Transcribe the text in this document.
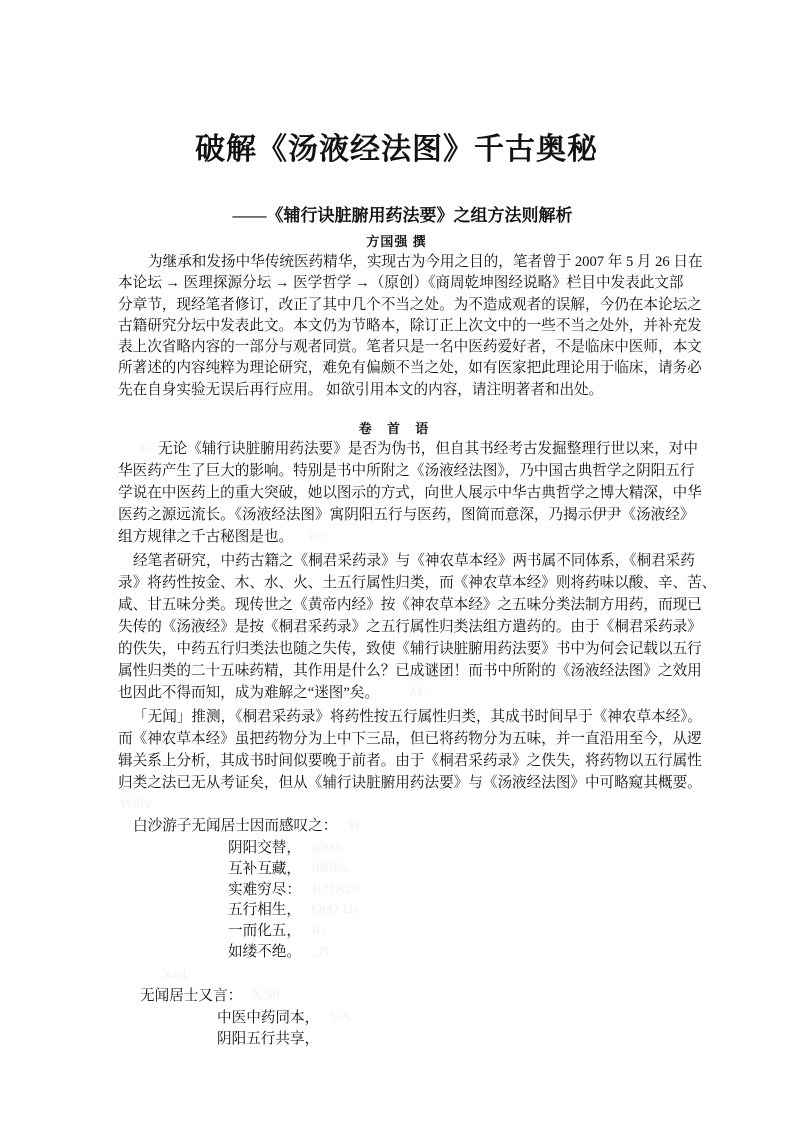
破解《汤液经法图》千古奥秘
——《辅行诀脏腑用药法要》之组方法则解析
方国强 撰
为继承和发扬中华传统医药精华，实现古为今用之目的，笔者曾于 2007 年 5 月 26 日在
本论坛 → 医理探源分坛 → 医学哲学 →（原创）《商周乾坤图经说略》栏目中发表此文部
分章节，现经笔者修订，改正了其中几个不当之处。为不造成观者的误解，今仍在本论坛之
古籍研究分坛中发表此文。本文仍为节略本，除订正上次文中的一些不当之处外，并补充发
表上次省略内容的一部分与观者同赏。笔者只是一名中医药爱好者，不是临床中医师，本文
所著述的内容纯粹为理论研究，难免有偏颇不当之处，如有医家把此理论用于临床，请务必
先在自身实验无误后再行应用。 如欲引用本文的内容，请注明著者和出处。
卷 首 语
无论《辅行诀脏腑用药法要》是否为伪书，但自其书经考古发掘整理行世以来，对中
华医药产生了巨大的影响。特别是书中所附之《汤液经法图》，乃中国古典哲学之阴阳五行
学说在中医药上的重大突破，她以图示的方式，向世人展示中华古典哲学之博大精深，中华
医药之源远流长。《汤液经法图》寓阴阳五行与医药，图简而意深，乃揭示伊尹《汤液经》
组方规律之千古秘图是也。
经笔者研究，中药古籍之《桐君采药录》与《神农草本经》两书属不同体系，《桐君采药
录》将药性按金、木、水、火、土五行属性归类，而《神农草本经》则将药味以酸、辛、苦、
咸、甘五味分类。现传世之《黄帝内经》按《神农草本经》之五味分类法制方用药，而现已
失传的《汤液经》是按《桐君采药录》之五行属性归类法组方遣药的。由于《桐君采药录》
的佚失，中药五行归类法也随之失传，致使《辅行诀脏腑用药法要》书中为何会记载以五行
属性归类的二十五味药精，其作用是什么？已成谜团！而书中所附的《汤液经法图》之效用
也因此不得而知，成为难解之“迷图”矣。
「无闻」推测，《桐君采药录》将药性按五行属性归类，其成书时间早于《神农草本经》。
而《神农草本经》虽把药物分为上中下三品，但已将药物分为五味，并一直沿用至今，从逻
辑关系上分析，其成书时间似要晚于前者。由于《桐君采药录》之佚失，将药物以五行属性
归类之法已无从考证矣，但从《辅行诀脏腑用药法要》与《汤液经法图》中可略窥其概要。
白沙游子无闻居士因而感叹之：
阴阳交替，
互补互藏，
实难穷尽：
五行相生，
一而化五，
如缕不绝。
无闻居士又言：
中医中药同本，
阴阳五行共享，
©
ru:
M";
W8iv
W
@txk
0&8%
K*{KzS
OeO`Ds
R;
_N
Xvd
X,59
%X
